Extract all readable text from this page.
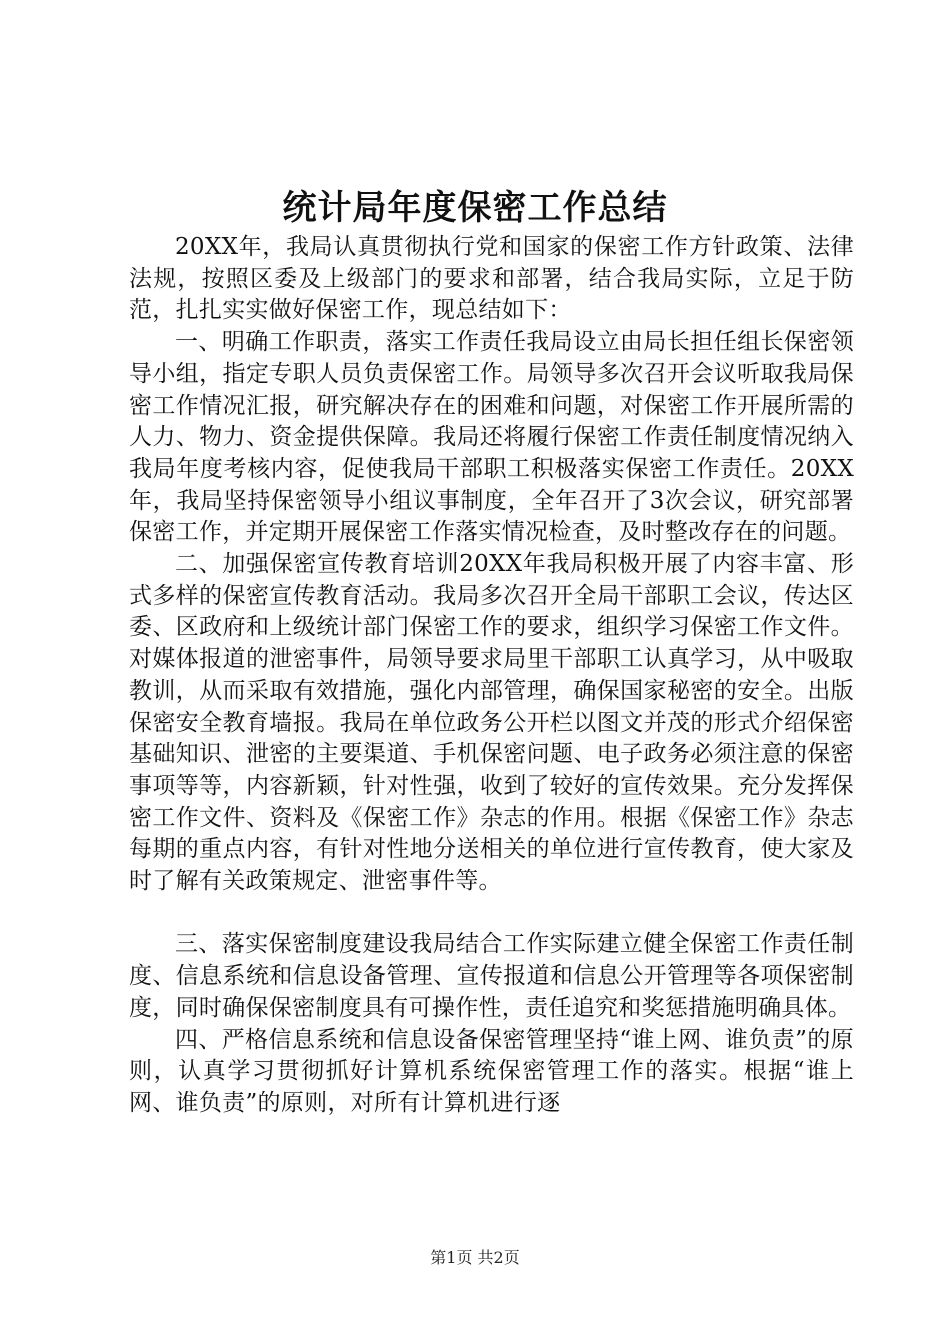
统计局年度保密工作总结

20XX年，我局认真贯彻执行党和国家的保密工作方针政策、法律法规，按照区委及上级部门的要求和部署，结合我局实际，立足于防范，扎扎实实做好保密工作，现总结如下：

一、明确工作职责，落实工作责任我局设立由局长担任组长保密领导小组，指定专职人员负责保密工作。局领导多次召开会议听取我局保密工作情况汇报，研究解决存在的困难和问题，对保密工作开展所需的人力、物力、资金提供保障。我局还将履行保密工作责任制度情况纳入我局年度考核内容，促使我局干部职工积极落实保密工作责任。20XX年，我局坚持保密领导小组议事制度，全年召开了3次会议，研究部署保密工作，并定期开展保密工作落实情况检查，及时整改存在的问题。

二、加强保密宣传教育培训20XX年我局积极开展了内容丰富、形式多样的保密宣传教育活动。我局多次召开全局干部职工会议，传达区委、区政府和上级统计部门保密工作的要求，组织学习保密工作文件。对媒体报道的泄密事件，局领导要求局里干部职工认真学习，从中吸取教训，从而采取有效措施，强化内部管理，确保国家秘密的安全。出版保密安全教育墙报。我局在单位政务公开栏以图文并茂的形式介绍保密基础知识、泄密的主要渠道、手机保密问题、电子政务必须注意的保密事项等等，内容新颖，针对性强，收到了较好的宣传效果。充分发挥保密工作文件、资料及《保密工作》杂志的作用。根据《保密工作》杂志每期的重点内容，有针对性地分送相关的单位进行宣传教育，使大家及时了解有关政策规定、泄密事件等。

三、落实保密制度建设我局结合工作实际建立健全保密工作责任制度、信息系统和信息设备管理、宣传报道和信息公开管理等各项保密制度，同时确保保密制度具有可操作性，责任追究和奖惩措施明确具体。

四、严格信息系统和信息设备保密管理坚持“谁上网、谁负责”的原则，认真学习贯彻抓好计算机系统保密管理工作的落实。根据“谁上网、谁负责”的原则，对所有计算机进行逐

第1页 共2页
